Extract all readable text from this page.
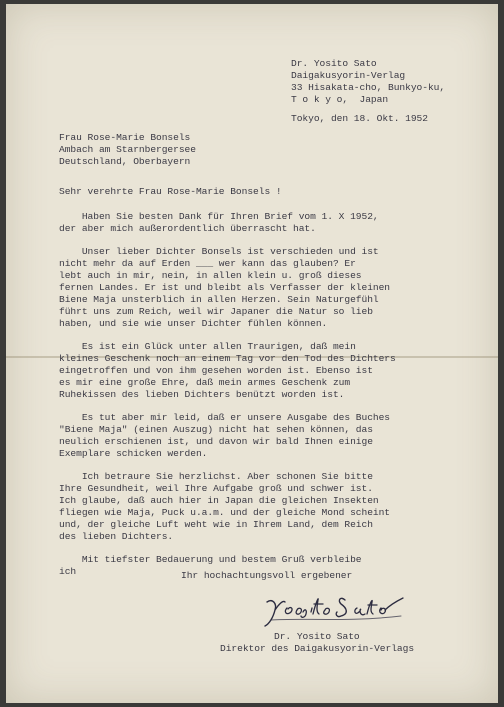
Dr. Yosito Sato
Daigakusyorin-Verlag
33 Hisakata-cho, Bunkyo-ku,
T o k y o,  Japan
Tokyo, den 18. Okt. 1952
Frau Rose-Marie Bonsels
Ambach am Starnbergersee
Deutschland, Oberbayern
Sehr verehrte Frau Rose-Marie Bonsels !
Haben Sie besten Dank für Ihren Brief vom 1. X 1952,
der aber mich außerordentlich überrascht hat.
Unser lieber Dichter Bonsels ist verschieden und ist
nicht mehr da auf Erden ___ wer kann das glauben? Er
lebt auch in mir, nein, in allen klein u. groß dieses
fernen Landes. Er ist und bleibt als Verfasser der kleinen
Biene Maja unsterblich in allen Herzen. Sein Naturgefühl
führt uns zum Reich, weil wir Japaner die Natur so lieb
haben, und sie wie unser Dichter fühlen können.
Es ist ein Glück unter allen Traurigen, daß mein
kleines Geschenk noch an einem Tag vor den Tod des Dichters
eingetroffen und von ihm gesehen worden ist. Ebenso ist
es mir eine große Ehre, daß mein armes Geschenk zum
Ruhekissen des lieben Dichters benützt worden ist.
Es tut aber mir leid, daß er unsere Ausgabe des Buches
"Biene Maja" (einen Auszug) nicht hat sehen können, das
neulich erschienen ist, und davon wir bald Ihnen einige
Exemplare schicken werden.
Ich betraure Sie herzlichst. Aber schonen Sie bitte
Ihre Gesundheit, weil Ihre Aufgabe groß und schwer ist.
Ich glaube, daß auch hier in Japan die gleichen Insekten
fliegen wie Maja, Puck u.a.m. und der gleiche Mond scheint
und, der gleiche Luft weht wie in Ihrem Land, dem Reich
des lieben Dichters.
Mit tiefster Bedauerung und bestem Gruß verbleibe
ich	Ihr hochachtungsvoll ergebener
Dr. Yosito Sato
Direktor des Daigakusyorin-Verlags
